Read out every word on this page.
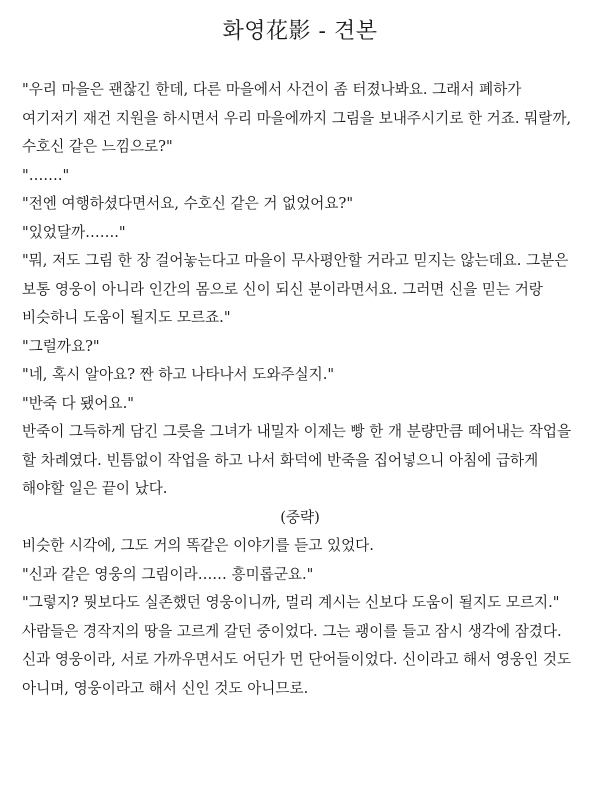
화영花影 - 견본

"우리 마을은 괜찮긴 한데, 다른 마을에서 사건이 좀 터졌나봐요. 그래서 폐하가 여기저기 재건 지원을 하시면서 우리 마을에까지 그림을 보내주시기로 한 거죠. 뭐랄까, 수호신 같은 느낌으로?"

"……."

"전엔 여행하셨다면서요, 수호신 같은 거 없었어요?"

"있었달까……."

"뭐, 저도 그림 한 장 걸어놓는다고 마을이 무사평안할 거라고 믿지는 않는데요. 그분은 보통 영웅이 아니라 인간의 몸으로 신이 되신 분이라면서요. 그러면 신을 믿는 거랑 비슷하니 도움이 될지도 모르죠."

"그럴까요?"

"네, 혹시 알아요? 짠 하고 나타나서 도와주실지."

"반죽 다 됐어요."

반죽이 그득하게 담긴 그릇을 그녀가 내밀자 이제는 빵 한 개 분량만큼 떼어내는 작업을 할 차례였다. 빈틈없이 작업을 하고 나서 화덕에 반죽을 집어넣으니 아침에 급하게 해야할 일은 끝이 났다.

(중략)

비슷한 시각에, 그도 거의 똑같은 이야기를 듣고 있었다.

"신과 같은 영웅의 그림이라…… 흥미롭군요."

"그렇지? 뭣보다도 실존했던 영웅이니까, 멀리 계시는 신보다 도움이 될지도 모르지."

사람들은 경작지의 땅을 고르게 갈던 중이었다. 그는 괭이를 들고 잠시 생각에 잠겼다. 신과 영웅이라, 서로 가까우면서도 어딘가 먼 단어들이었다. 신이라고 해서 영웅인 것도 아니며, 영웅이라고 해서 신인 것도 아니므로.
